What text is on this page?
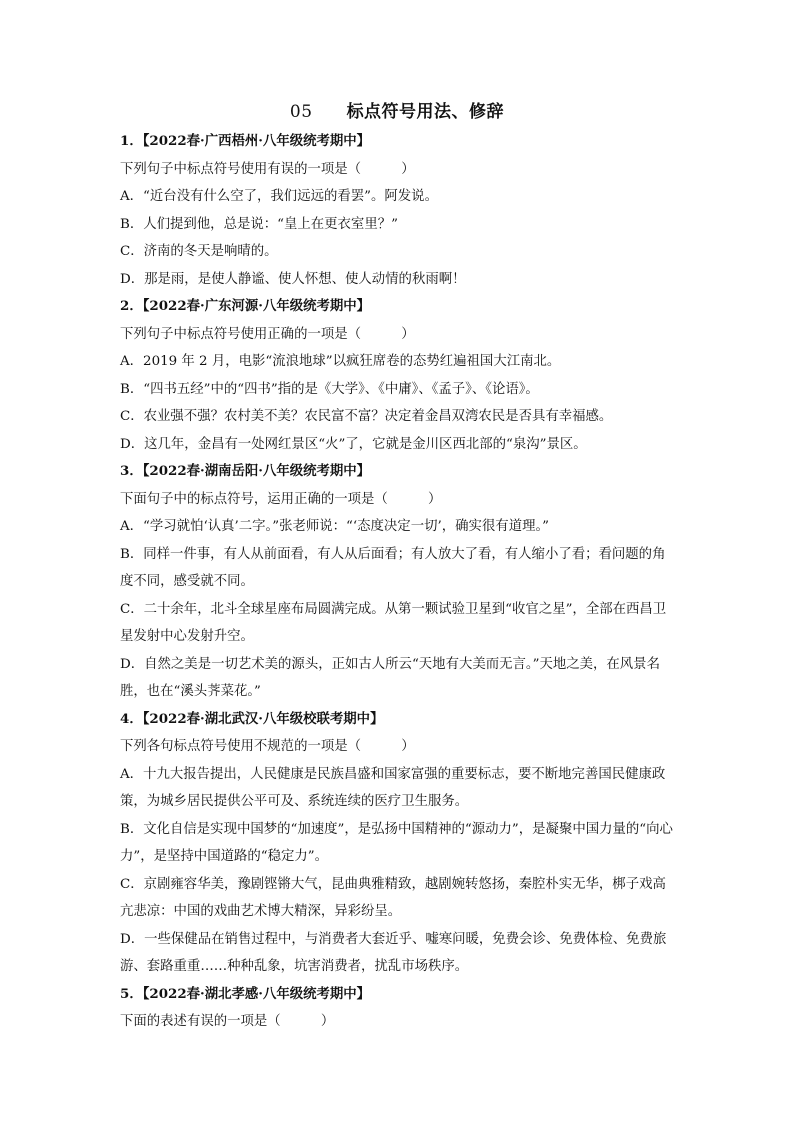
05 标点符号用法、修辞

1．【2022春·广西梧州·八年级统考期中】

下列句子中标点符号使用有误的一项是（　　　）

A．“近台没有什么空了，我们远远的看罢”。阿发说。

B．人们提到他，总是说：“皇上在更衣室里？”

C．济南的冬天是响晴的。

D．那是雨，是使人静谧、使人怀想、使人动情的秋雨啊！

2．【2022春·广东河源·八年级统考期中】

下列句子中标点符号使用正确的一项是（　　　）

A．2019 年 2 月，电影“流浪地球”以疯狂席卷的态势红遍祖国大江南北。

B．“四书五经”中的“四书”指的是《大学》、《中庸》、《孟子》、《论语》。

C．农业强不强？农村美不美？农民富不富？决定着金昌双湾农民是否具有幸福感。

D．这几年，金昌有一处网红景区“火”了，它就是金川区西北部的“泉沟”景区。

3．【2022春·湖南岳阳·八年级统考期中】

下面句子中的标点符号，运用正确的一项是（　　　）

A．“学习就怕‘认真’二字。”张老师说：“‘态度决定一切’，确实很有道理。”

B．同样一件事，有人从前面看，有人从后面看；有人放大了看，有人缩小了看；看问题的角度不同，感受就不同。

C．二十余年，北斗全球星座布局圆满完成。从第一颗试验卫星到“收官之星”，全部在西昌卫星发射中心发射升空。

D．自然之美是一切艺术美的源头，正如古人所云“天地有大美而无言。”天地之美，在风景名胜，也在“溪头荠菜花。”

4．【2022春·湖北武汉·八年级校联考期中】

下列各句标点符号使用不规范的一项是（　　　）

A．十九大报告提出，人民健康是民族昌盛和国家富强的重要标志，要不断地完善国民健康政策，为城乡居民提供公平可及、系统连续的医疗卫生服务。

B．文化自信是实现中国梦的“加速度”，是弘扬中国精神的“源动力”，是凝聚中国力量的“向心力”，是坚持中国道路的“稳定力”。

C．京剧雍容华美，豫剧铿锵大气，昆曲典雅精致，越剧婉转悠扬，秦腔朴实无华，梆子戏高亢悲凉：中国的戏曲艺术博大精深，异彩纷呈。

D．一些保健品在销售过程中，与消费者大套近乎、嘘寒问暖，免费会诊、免费体检、免费旅游、套路重重……种种乱象，坑害消费者，扰乱市场秩序。

5．【2022春·湖北孝感·八年级统考期中】

下面的表述有误的一项是（　　　）
